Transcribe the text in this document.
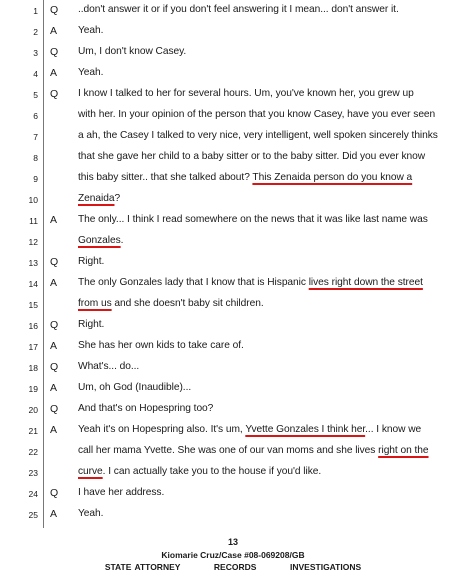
1 Q ..don't answer it or if you don't feel answering it I mean... don't answer it.
2 A Yeah.
3 Q Um, I don't know Casey.
4 A Yeah.
5 Q I know I talked to her for several hours. Um, you've known her, you grew up
6	with her. In your opinion of the person that you know Casey, have you ever seen
7	a ah, the Casey I talked to very nice, very intelligent, well spoken sincerely thinks
8	that she gave her child to a baby sitter or to the baby sitter. Did you ever know
9	this baby sitter.. that she talked about? This Zenaida person do you know a
10	Zenaida?
11 A The only... I think I read somewhere on the news that it was like last name was
12	Gonzales.
13 Q Right.
14 A The only Gonzales lady that I know that is Hispanic lives right down the street
15	from us and she doesn't baby sit children.
16 Q Right.
17 A She has her own kids to take care of.
18 Q What's... do...
19 A Um, oh God (Inaudible)...
20 Q And that's on Hopespring too?
21 A Yeah it's on Hopespring also. It's um, Yvette Gonzales I think her... I know we
22	call her mama Yvette. She was one of our van moms and she lives right on the
23	curve. I can actually take you to the house if you'd like.
24 Q I have her address.
25 A Yeah.
13
Kiomarie Cruz/Case #08-069208/GB
STATE ATTORNEY          RECORDS          INVESTIGATIONS
